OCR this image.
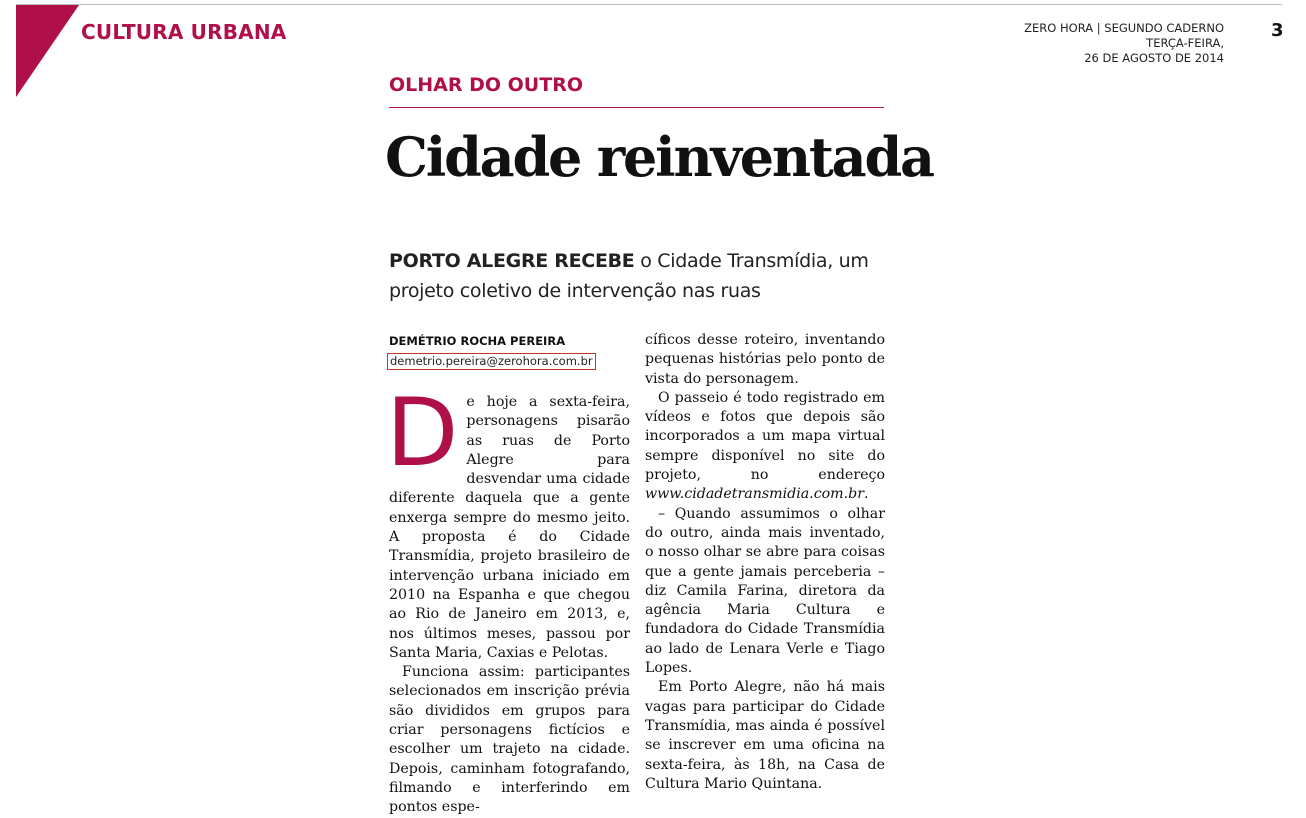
CULTURA URBANA	ZERO HORA | SEGUNDO CADERNO
TERÇA-FEIRA,
26 DE AGOSTO DE 2014
3
OLHAR DO OUTRO
Cidade reinventada
PORTO ALEGRE RECEBE o Cidade Transmídia, um projeto coletivo de intervenção nas ruas
DEMÉTRIO ROCHA PEREIRA
demetrio.pereira@zerohora.com.br

De hoje a sexta-feira, personagens pisarão as ruas de Porto Alegre para desvendar uma cidade diferente daquela que a gente enxerga sempre do mesmo jeito. A proposta é do Cidade Transmídia, projeto brasileiro de intervenção urbana iniciado em 2010 na Espanha e que chegou ao Rio de Janeiro em 2013, e, nos últimos meses, passou por Santa Maria, Caxias e Pelotas.

Funciona assim: participantes selecionados em inscrição prévia são divididos em grupos para criar personagens fictícios e escolher um trajeto na cidade. Depois, caminham fotografando, filmando e interferindo em pontos espe-

cíficos desse roteiro, inventando pequenas histórias pelo ponto de vista do personagem.

O passeio é todo registrado em vídeos e fotos que depois são incorporados a um mapa virtual sempre disponível no site do projeto, no endereço www.cidadetransmidia.com.br.

– Quando assumimos o olhar do outro, ainda mais inventado, o nosso olhar se abre para coisas que a gente jamais perceberia – diz Camila Farina, diretora da agência Maria Cultura e fundadora do Cidade Transmídia ao lado de Lenara Verle e Tiago Lopes.

Em Porto Alegre, não há mais vagas para participar do Cidade Transmídia, mas ainda é possível se inscrever em uma oficina na sexta-feira, às 18h, na Casa de Cultura Mario Quintana.
